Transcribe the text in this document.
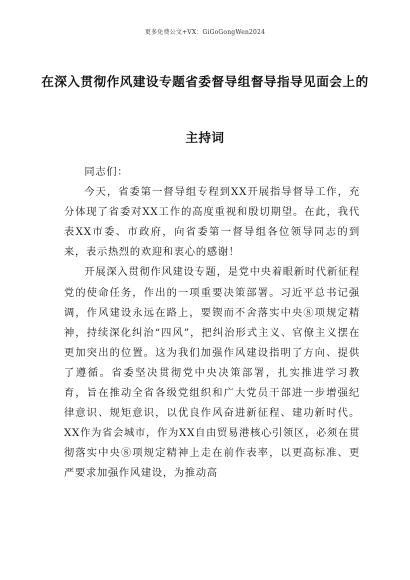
更多免费公文+VX：GiGoGongWen2024
在深入贯彻作风建设专题省委督导组督导指导见面会上的
主持词

同志们：

今天，省委第一督导组专程到XX开展指导督导工作，充分体现了省委对XX工作的高度重视和殷切期望。在此，我代表XX市委、市政府，向省委第一督导组各位领导同志的到来，表示热烈的欢迎和衷心的感谢！

开展深入贯彻作风建设专题，是党中央着眼新时代新征程党的使命任务，作出的一项重要决策部署。习近平总书记强调，作风建设永远在路上，要锲而不舍落实中央⑧项规定精神，持续深化纠治“四风”，把纠治形式主义、官僚主义摆在更加突出的位置。这为我们加强作风建设指明了方向、提供了遵循。省委坚决贯彻党中央决策部署，扎实推进学习教育，旨在推动全省各级党组织和广大党员干部进一步增强纪律意识、规矩意识，以优良作风奋进新征程、建功新时代。XX作为省会城市，作为XX自由贸易港核心引领区，必须在贯彻落实中央⑧项规定精神上走在前作表率，以更高标准、更严要求加强作风建设，为推动高
